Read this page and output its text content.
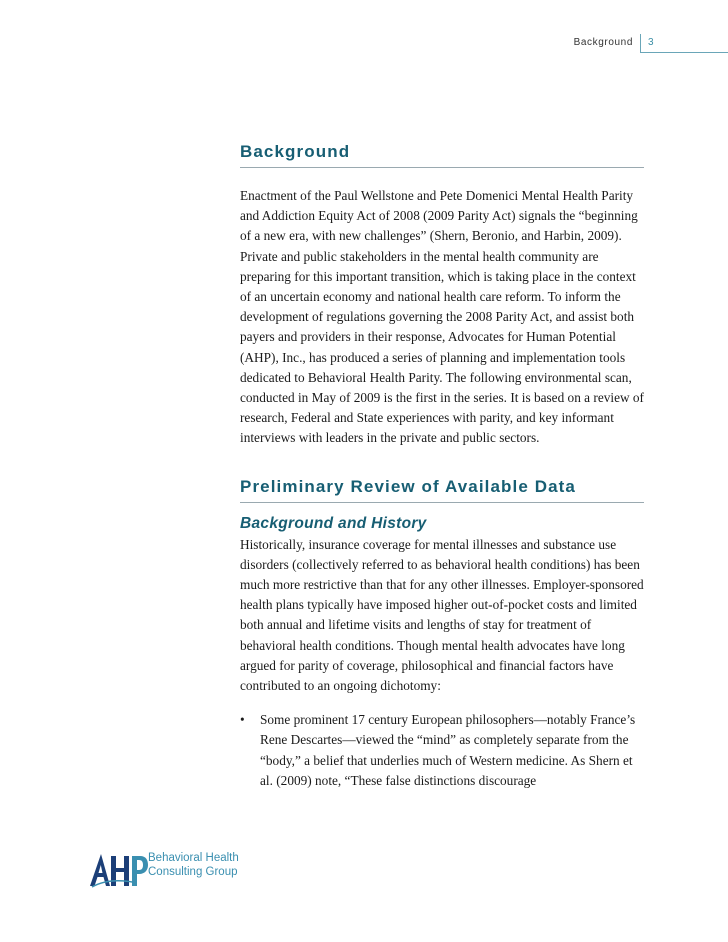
Background 3
Background

Enactment of the Paul Wellstone and Pete Domenici Mental Health Parity and Addiction Equity Act of 2008 (2009 Parity Act) signals the “beginning of a new era, with new challenges” (Shern, Beronio, and Harbin, 2009). Private and public stakeholders in the mental health community are preparing for this important transition, which is taking place in the context of an uncertain economy and national health care reform. To inform the development of regulations governing the 2008 Parity Act, and assist both payers and providers in their response, Advocates for Human Potential (AHP), Inc., has produced a series of planning and implementation tools dedicated to Behavioral Health Parity. The following environmental scan, conducted in May of 2009 is the first in the series. It is based on a review of research, Federal and State experiences with parity, and key informant interviews with leaders in the private and public sectors.

Preliminary Review of Available Data
Background and History

Historically, insurance coverage for mental illnesses and substance use disorders (collectively referred to as behavioral health conditions) has been much more restrictive than that for any other illnesses. Employer-sponsored health plans typically have imposed higher out-of-pocket costs and limited both annual and lifetime visits and lengths of stay for treatment of behavioral health conditions. Though mental health advocates have long argued for parity of coverage, philosophical and financial factors have contributed to an ongoing dichotomy:

• Some prominent 17 century European philosophers—notably France’s Rene Descartes—viewed the “mind” as completely separate from the “body,” a belief that underlies much of Western medicine. As Shern et al. (2009) note, “These false distinctions discourage
Behavioral Health
Consulting Group
